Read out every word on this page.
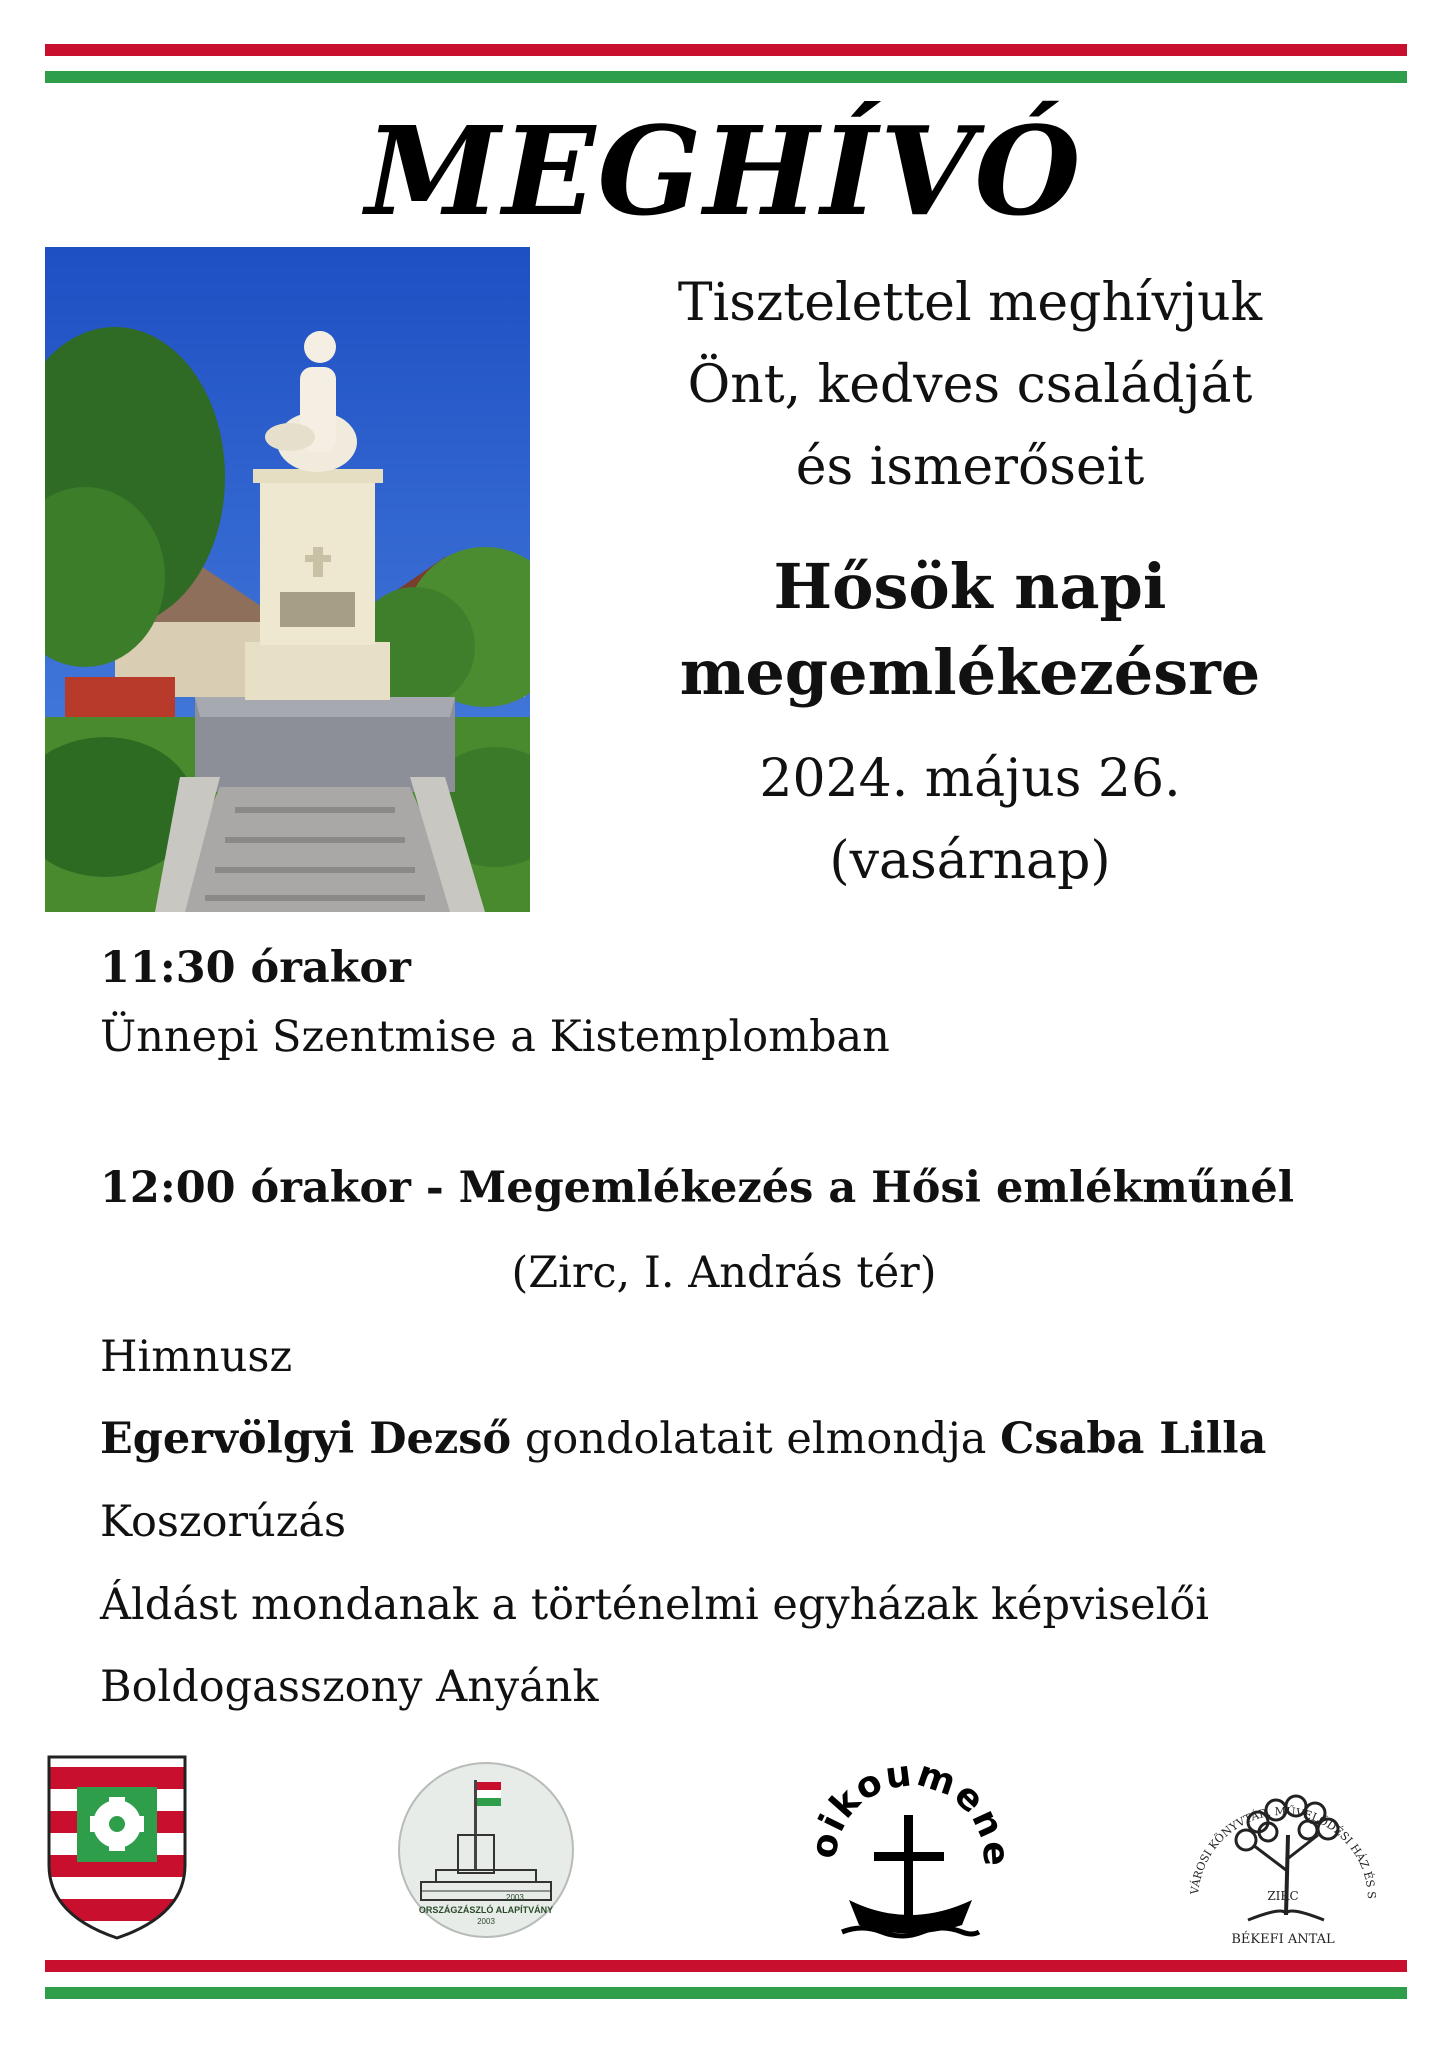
MEGHÍVÓ
Tisztelettel meghívjuk
Önt, kedves családját
és ismerőseit
Hősök napi
megemlékezésre
2024. május 26.
(vasárnap)
11:30 órakor
Ünnepi Szentmise a Kistemplomban
12:00 órakor - Megemlékezés a Hősi emlékműnél
(Zirc, I. András tér)
Himnusz
Egervölgyi Dezső gondolatait elmondja Csaba Lilla
Koszorúzás
Áldást mondanak a történelmi egyházak képviselői
Boldogasszony Anyánk
2003
ORSZÁGZÁSZLÓ ALAPÍTVÁNY
2003
ikoume
VÁROSI KÖNYVTÁR, MŰVELŐDÉSI HÁZ ÉS S
ZIRC
BÉKEFI ANTAL
